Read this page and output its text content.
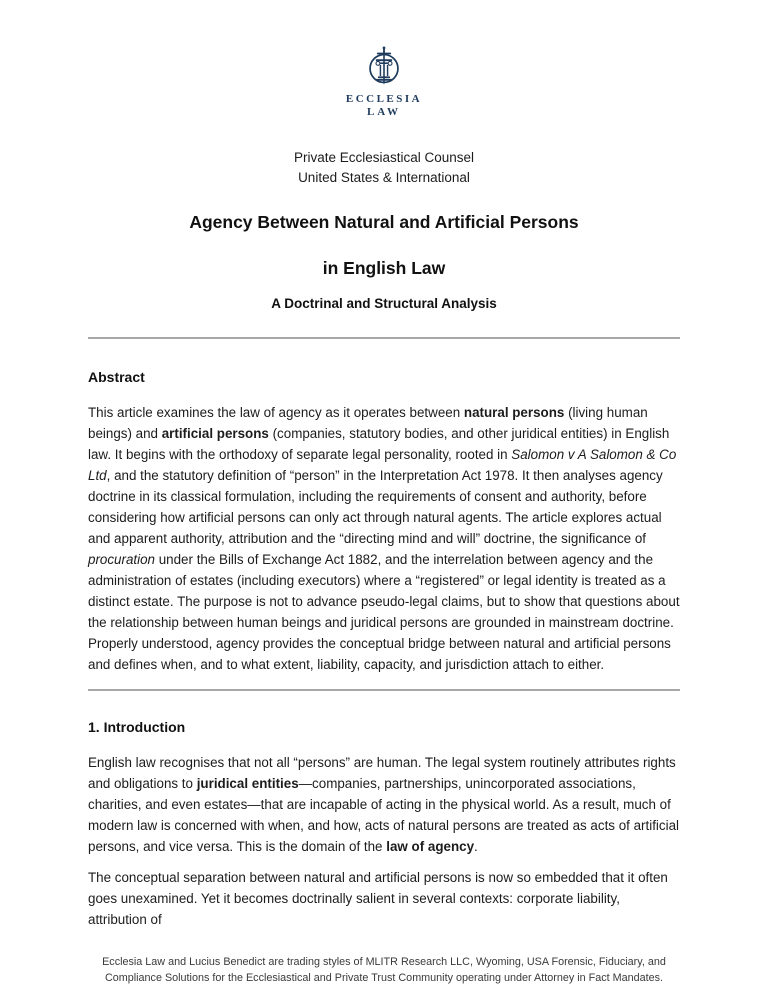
ECCLESIA
LAW
Private Ecclesiastical Counsel
United States & International
Agency Between Natural and Artificial Persons
in English Law
A Doctrinal and Structural Analysis
Abstract

This article examines the law of agency as it operates between natural persons (living human beings) and artificial persons (companies, statutory bodies, and other juridical entities) in English law. It begins with the orthodoxy of separate legal personality, rooted in Salomon v A Salomon & Co Ltd, and the statutory definition of “person” in the Interpretation Act 1978. It then analyses agency doctrine in its classical formulation, including the requirements of consent and authority, before considering how artificial persons can only act through natural agents. The article explores actual and apparent authority, attribution and the “directing mind and will” doctrine, the significance of procuration under the Bills of Exchange Act 1882, and the interrelation between agency and the administration of estates (including executors) where a “registered” or legal identity is treated as a distinct estate. The purpose is not to advance pseudo-legal claims, but to show that questions about the relationship between human beings and juridical persons are grounded in mainstream doctrine. Properly understood, agency provides the conceptual bridge between natural and artificial persons and defines when, and to what extent, liability, capacity, and jurisdiction attach to either.

1. Introduction

English law recognises that not all “persons” are human. The legal system routinely attributes rights and obligations to juridical entities—companies, partnerships, unincorporated associations, charities, and even estates—that are incapable of acting in the physical world. As a result, much of modern law is concerned with when, and how, acts of natural persons are treated as acts of artificial persons, and vice versa. This is the domain of the law of agency.

The conceptual separation between natural and artificial persons is now so embedded that it often goes unexamined. Yet it becomes doctrinally salient in several contexts: corporate liability, attribution of

Ecclesia Law and Lucius Benedict are trading styles of MLITR Research LLC, Wyoming, USA Forensic, Fiduciary, and Compliance Solutions for the Ecclesiastical and Private Trust Community operating under Attorney in Fact Mandates.
